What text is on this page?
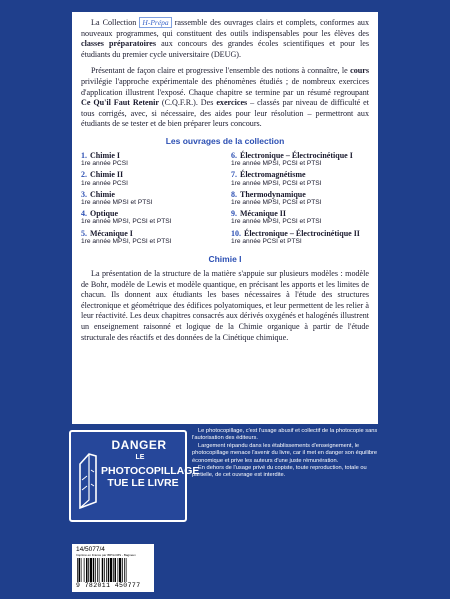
La Collection H-Prépa rassemble des ouvrages clairs et complets, conformes aux nouveaux programmes, qui constituent des outils indispensables pour les élèves des classes préparatoires aux concours des grandes écoles scientifiques et pour les étudiants du premier cycle universitaire (DEUG).

Présentant de façon claire et progressive l'ensemble des notions à connaître, le cours privilégie l'approche expérimentale des phénomènes étudiés ; de nombreux exercices d'application illustrent l'exposé. Chaque chapitre se termine par un résumé regroupant Ce Qu'il Faut Retenir (C.Q.F.R.). Des exercices – classés par niveau de difficulté et tous corrigés, avec, si nécessaire, des aides pour leur résolution – permettront aux étudiants de se tester et de bien préparer leurs concours.

Les ouvrages de la collection
1. Chimie I
1re année PCSI
2. Chimie II
1re année PCSI
3. Chimie
1re année MPSI et PTSI
4. Optique
1re année MPSI, PCSI et PTSI
5. Mécanique I
1re année MPSI, PCSI et PTSI
6. Électronique – Électrocinétique I
1re année MPSI, PCSI et PTSI
7. Électromagnétisme
1re année MPSI, PCSI et PTSI
8. Thermodynamique
1re année MPSI, PCSI et PTSI
9. Mécanique II
1re année MPSI, PCSI et PTSI
10. Électronique – Électrocinétique II
1re année PCSI et PTSI
Chimie I

La présentation de la structure de la matière s'appuie sur plusieurs modèles : modèle de Bohr, modèle de Lewis et modèle quantique, en précisant les apports et les limites de chacun. Ils donnent aux étudiants les bases nécessaires à l'étude des structures électronique et géométrique des édifices polyatomiques, et leur permettent de les relier à leur réactivité. Les deux chapitres consacrés aux dérivés oxygénés et halogénés illustrent un enseignement raisonné et logique de la Chimie organique à partir de l'étude structurale des réactifs et des données de la Cinétique chimique.

DANGER
LE
PHOTOCOPILLAGE
TUE LE LIVRE

Le photocopillage, c'est l'usage abusif et collectif de la photocopie sans l'autorisation des éditeurs.

Largement répandu dans les établissements d'enseignement, le photocopillage menace l'avenir du livre, car il met en danger son équilibre économique et prive les auteurs d'une juste rémunération.

En dehors de l'usage privé du copiste, toute reproduction, totale ou partielle, de cet ouvrage est interdite.

14/5077/4
Imprimé en France par IBP/LCMS - Bagneux
9 782011 450777
